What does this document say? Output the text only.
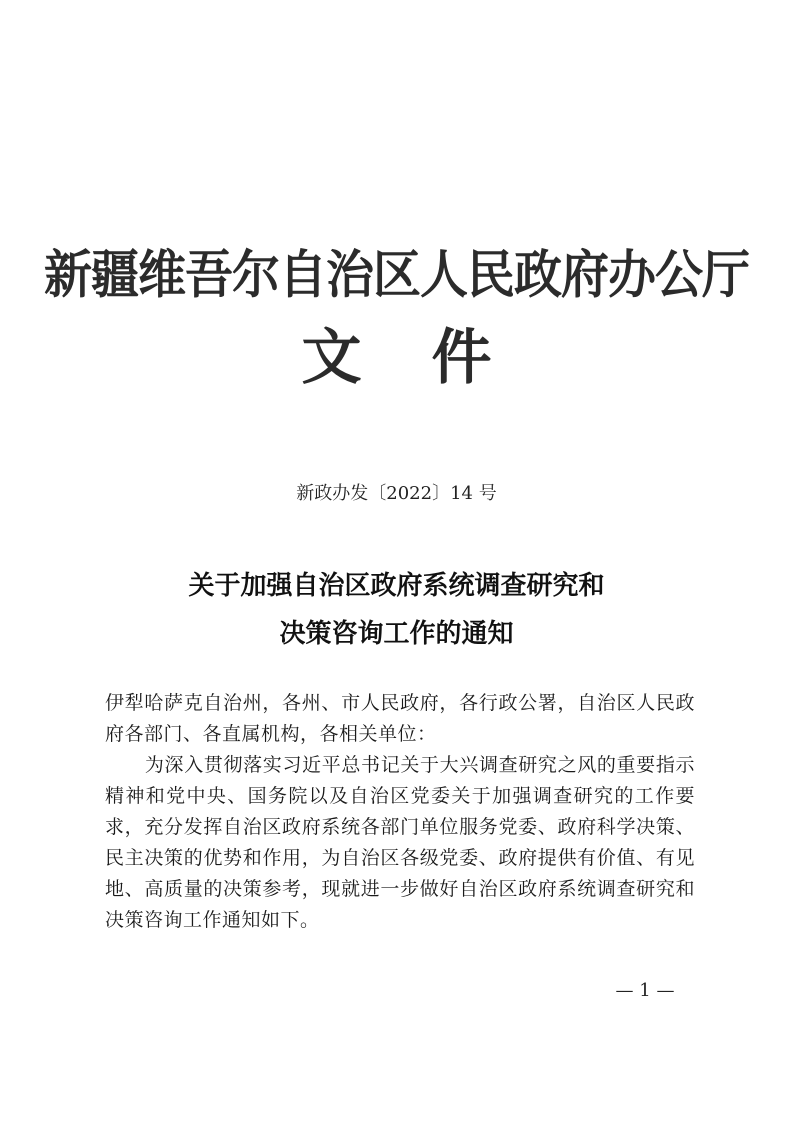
新疆维吾尔自治区人民政府办公厅
文件
新政办发〔2022〕14 号
关于加强自治区政府系统调查研究和
决策咨询工作的通知

伊犁哈萨克自治州，各州、市人民政府，各行政公署，自治区人民政府各部门、各直属机构，各相关单位：

为深入贯彻落实习近平总书记关于大兴调查研究之风的重要指示精神和党中央、国务院以及自治区党委关于加强调查研究的工作要求，充分发挥自治区政府系统各部门单位服务党委、政府科学决策、民主决策的优势和作用，为自治区各级党委、政府提供有价值、有见地、高质量的决策参考，现就进一步做好自治区政府系统调查研究和决策咨询工作通知如下。

— 1 —
